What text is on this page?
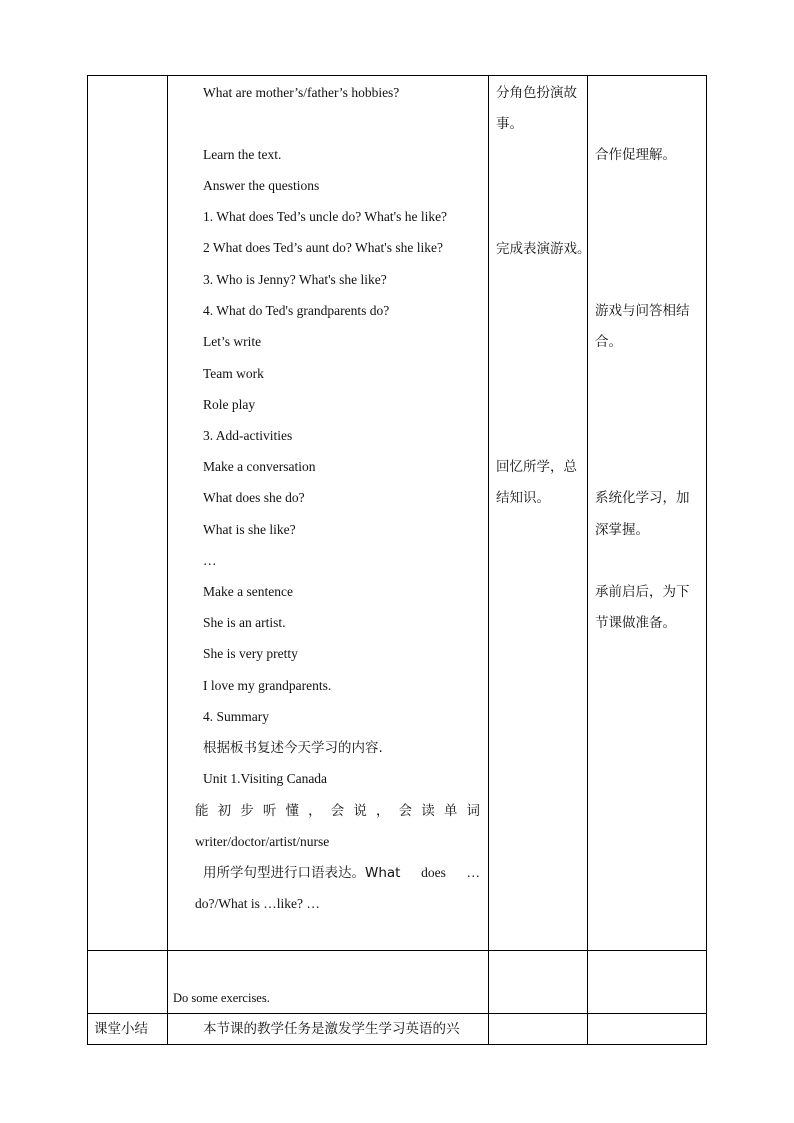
What are mother’s/father’s hobbies?
Learn the text.
Answer the questions
1. What does Ted’s uncle do? What's he like?
2 What does Ted’s aunt do? What's she like?
3. Who is Jenny? What's she like?
4. What do Ted's grandparents do?
Let’s write
Team work
Role play
3. Add-activities
Make a conversation
What does she do?
What is she like?
…
Make a sentence
She is an artist.
She is very pretty
I love my grandparents.
4. Summary
根据板书复述今天学习的内容.
Unit 1.Visiting Canada
能 初 步 听 懂 ， 会 说 ， 会 读 单 词
writer/doctor/artist/nurse
用所学句型进行口语表达。What does …
do?/What is …like? …
分角色扮演故
事。
完成表演游戏。
回忆所学，总
结知识。
合作促理解。
游戏与问答相结
合。
系统化学习，加
深掌握。
承前启后，为下
节课做准备。
Do some exercises.
课堂小结	本节课的教学任务是激发学生学习英语的兴
